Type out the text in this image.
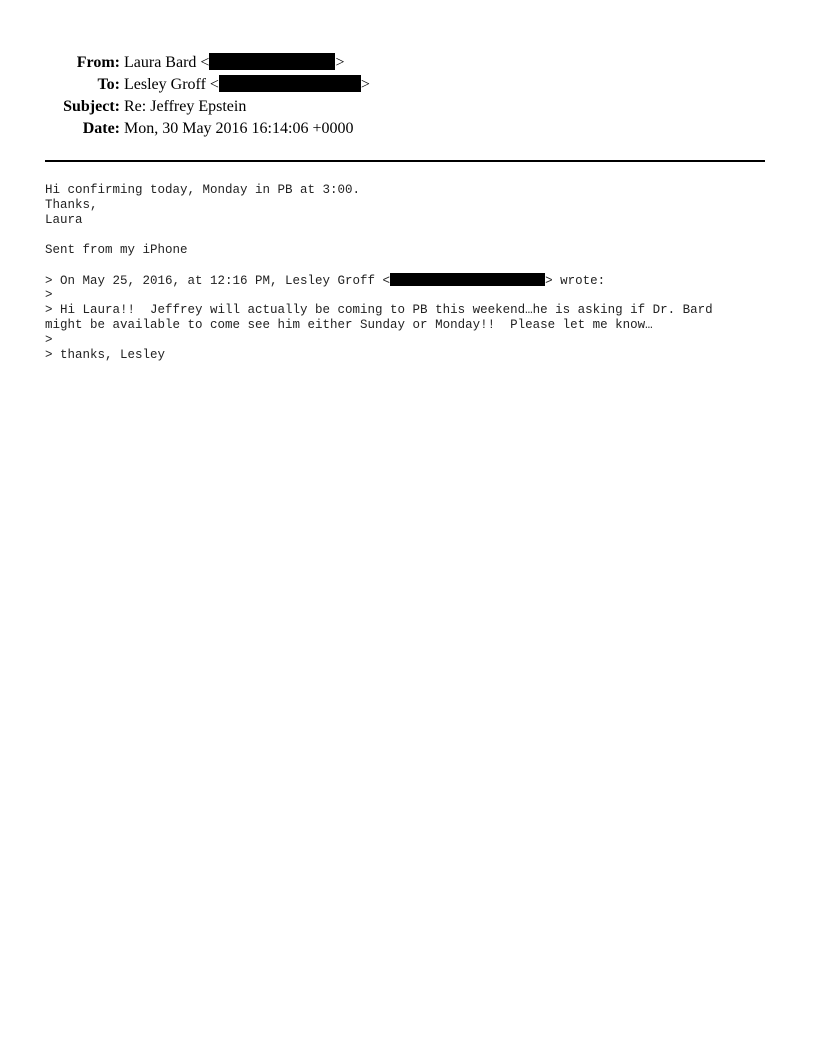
From: Laura Bard <	>
To: Lesley Groff <	>
Subject: Re: Jeffrey Epstein
Date: Mon, 30 May 2016 16:14:06 +0000
Hi confirming today, Monday in PB at 3:00.
Thanks,
Laura
Sent from my iPhone
> On May 25, 2016, at 12:16 PM, Lesley Groff <	> wrote:
>
> Hi Laura!!  Jeffrey will actually be coming to PB this weekend…he is asking if Dr. Bard
might be available to come see him either Sunday or Monday!!  Please let me know…
>
> thanks, Lesley
